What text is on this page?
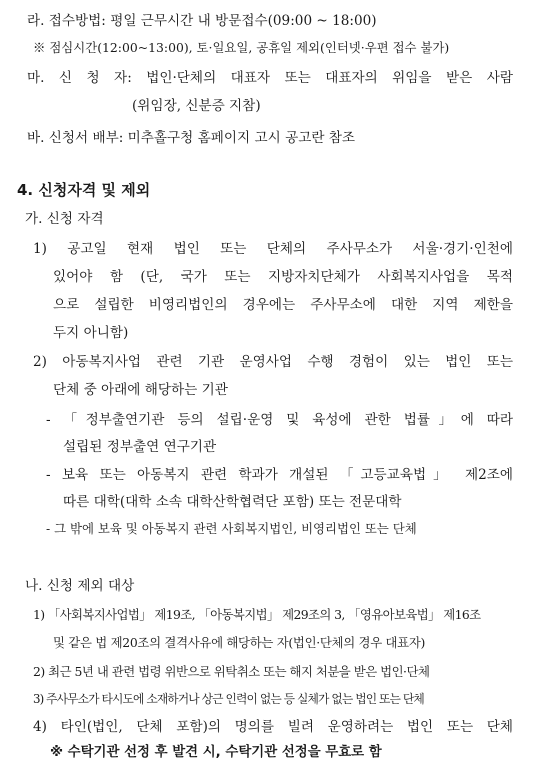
라. 접수방법: 평일 근무시간 내 방문접수(09:00 ~ 18:00)
※ 점심시간(12:00~13:00), 토·일요일, 공휴일 제외(인터넷·우편 접수 불가)
마. 신 청 자: 법인·단체의 대표자 또는 대표자의 위임을 받은 사람
(위임장, 신분증 지참)
바. 신청서 배부: 미추홀구청 홈페이지 고시 공고란 참조
4. 신청자격 및 제외
가. 신청 자격
1) 공고일 현재 법인 또는 단체의 주사무소가 서울·경기·인천에
있어야 함 (단, 국가 또는 지방자치단체가 사회복지사업을 목적
으로 설립한 비영리법인의 경우에는 주사무소에 대한 지역 제한을
두지 아니함)
2) 아동복지사업 관련 기관 운영사업 수행 경험이 있는 법인 또는
단체 중 아래에 해당하는 기관
- 「정부출연기관 등의 설립·운영 및 육성에 관한 법률」에 따라
설립된 정부출연 연구기관
- 보육 또는 아동복지 관련 학과가 개설된 「고등교육법」 제2조에
따른 대학(대학 소속 대학산학협력단 포함) 또는 전문대학
- 그 밖에 보육 및 아동복지 관련 사회복지법인, 비영리법인 또는 단체
나. 신청 제외 대상
1) 「사회복지사업법」 제19조, 「아동복지법」 제29조의 3, 「영유아보육법」 제16조
및 같은 법 제20조의 결격사유에 해당하는 자(법인·단체의 경우 대표자)
2) 최근 5년 내 관련 법령 위반으로 위탁취소 또는 해지 처분을 받은 법인·단체
3) 주사무소가 타시도에 소재하거나 상근 인력이 없는 등 실체가 없는 법인 또는 단체
4) 타인(법인, 단체 포함)의 명의를 빌려 운영하려는 법인 또는 단체
※ 수탁기관 선정 후 발견 시, 수탁기관 선정을 무효로 함
